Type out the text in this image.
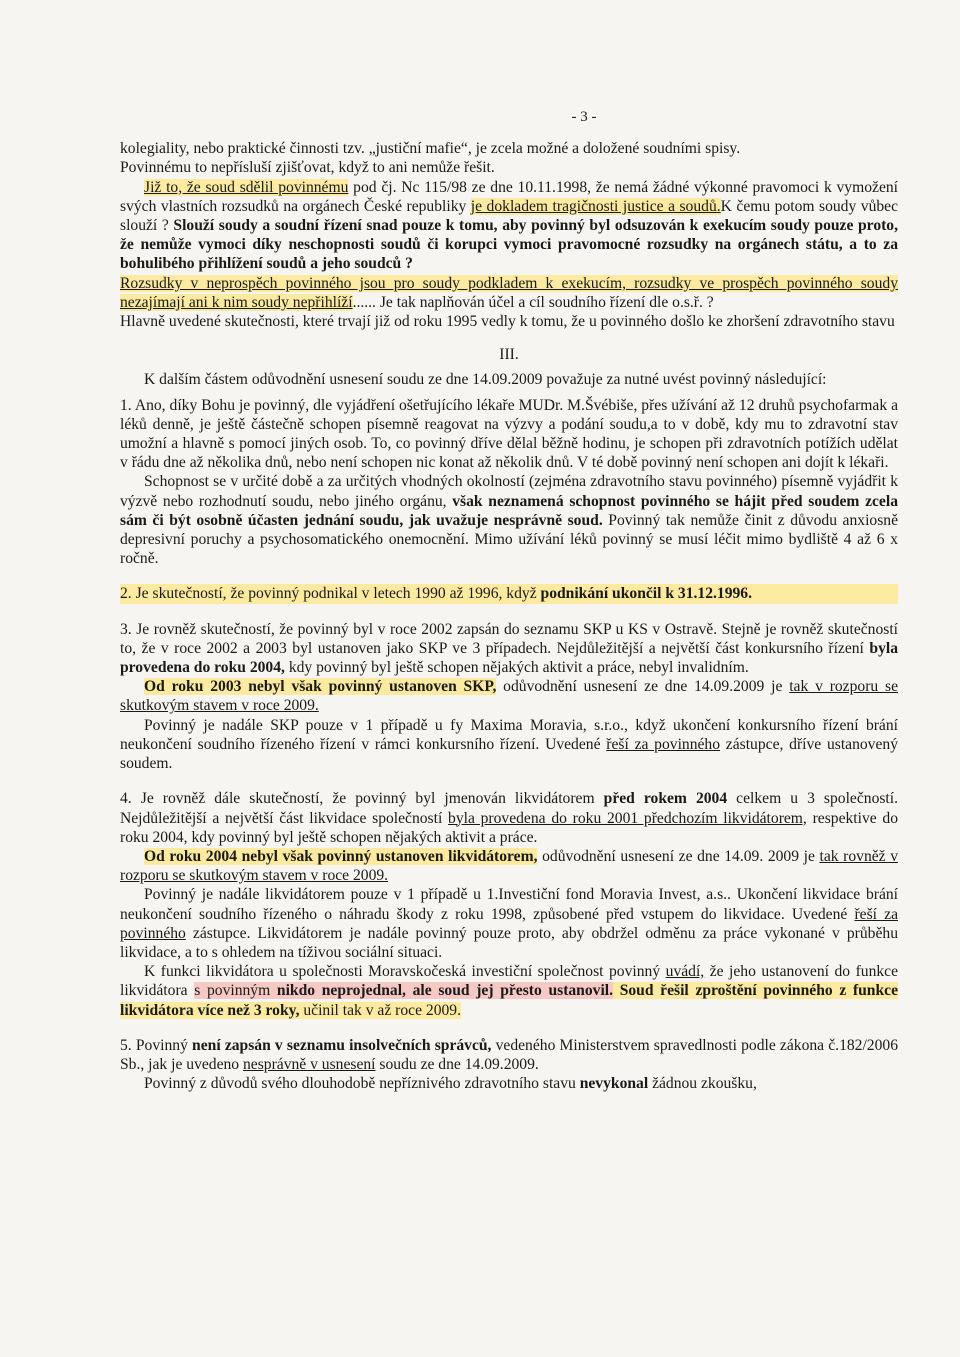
- 3 -

kolegiality, nebo praktické činnosti tzv. „justiční mafie“, je zcela možné a doložené soudními spisy.

Povinnému to nepřísluší zjišťovat, když to ani nemůže řešit.

Již to, že soud sdělil povinnému pod čj. Nc 115/98 ze dne 10.11.1998, že nemá žádné výkonné pravomoci k vymožení svých vlastních rozsudků na orgánech České republiky je dokladem tragičnosti justice a soudů.K čemu potom soudy vůbec slouží ? Slouží soudy a soudní řízení snad pouze k tomu, aby povinný byl odsuzován k exekucím soudy pouze proto, že nemůže vymoci díky neschopnosti soudů či korupci vymoci pravomocné rozsudky na orgánech státu, a to za bohulibého přihlížení soudů a jeho soudců ?

Rozsudky v neprospěch povinného jsou pro soudy podkladem k exekucím, rozsudky ve prospěch povinného soudy nezajímají ani k nim soudy nepřihlíží...... Je tak naplňován účel a cíl soudního řízení dle o.s.ř. ?

Hlavně uvedené skutečnosti, které trvají již od roku 1995 vedly k tomu, že u povinného došlo ke zhoršení zdravotního stavu

III.

K dalším částem odůvodnění usnesení soudu ze dne 14.09.2009 považuje za nutné uvést povinný následující:

1. Ano, díky Bohu je povinný, dle vyjádření ošetřujícího lékaře MUDr. M.Švébiše, přes užívání až 12 druhů psychofarmak a léků denně, je ještě částečně schopen písemně reagovat na výzvy a podání soudu,a to v době, kdy mu to zdravotní stav umožní a hlavně s pomocí jiných osob. To, co povinný dříve dělal běžně hodinu, je schopen při zdravotních potížích udělat v řádu dne až několika dnů, nebo není schopen nic konat až několik dnů. V té době povinný není schopen ani dojít k lékaři.

Schopnost se v určité době a za určitých vhodných okolností (zejména zdravotního stavu povinného) písemně vyjádřit k výzvě nebo rozhodnutí soudu, nebo jiného orgánu, však neznamená schopnost povinného se hájit před soudem zcela sám či být osobně účasten jednání soudu, jak uvažuje nesprávně soud. Povinný tak nemůže činit z důvodu anxiosně depresivní poruchy a psychosomatického onemocnění. Mimo užívání léků povinný se musí léčit mimo bydliště 4 až 6 x ročně.

2. Je skutečností, že povinný podnikal v letech 1990 až 1996, když podnikání ukončil k 31.12.1996.

3. Je rovněž skutečností, že povinný byl v roce 2002 zapsán do seznamu SKP u KS v Ostravě. Stejně je rovněž skutečností to, že v roce 2002 a 2003 byl ustanoven jako SKP ve 3 případech. Nejdůležitější a největší část konkursního řízení byla provedena do roku 2004, kdy povinný byl ještě schopen nějakých aktivit a práce, nebyl invalidním.

Od roku 2003 nebyl však povinný ustanoven SKP, odůvodnění usnesení ze dne 14.09.2009 je tak v rozporu se skutkovým stavem v roce 2009.

Povinný je nadále SKP pouze v 1 případě u fy Maxima Moravia, s.r.o., když ukončení konkursního řízení brání neukončení soudního řízeného řízení v rámci konkursního řízení. Uvedené řeší za povinného zástupce, dříve ustanovený soudem.

4. Je rovněž dále skutečností, že povinný byl jmenován likvidátorem před rokem 2004 celkem u 3 společností. Nejdůležitější a největší část likvidace společností byla provedena do roku 2001 předchozím likvidátorem, respektive do roku 2004, kdy povinný byl ještě schopen nějakých aktivit a práce.

Od roku 2004 nebyl však povinný ustanoven likvidátorem, odůvodnění usnesení ze dne 14.09. 2009 je tak rovněž v rozporu se skutkovým stavem v roce 2009.

Povinný je nadále likvidátorem pouze v 1 případě u 1.Investiční fond Moravia Invest, a.s.. Ukončení likvidace brání neukončení soudního řízeného o náhradu škody z roku 1998, způsobené před vstupem do likvidace. Uvedené řeší za povinného zástupce. Likvidátorem je nadále povinný pouze proto, aby obdržel odměnu za práce vykonané v průběhu likvidace, a to s ohledem na tíživou sociální situaci.

K funkci likvidátora u společnosti Moravskočeská investiční společnost povinný uvádí, že jeho ustanovení do funkce likvidátora s povinným nikdo neprojednal, ale soud jej přesto ustanovil. Soud řešil zproštění povinného z funkce likvidátora více než 3 roky, učinil tak v až roce 2009.

5. Povinný není zapsán v seznamu insolvečních správců, vedeného Ministerstvem spravedlnosti podle zákona č.182/2006 Sb., jak je uvedeno nesprávně v usnesení soudu ze dne 14.09.2009.

Povinný z důvodů svého dlouhodobě nepříznivého zdravotního stavu nevykonal žádnou zkoušku,
